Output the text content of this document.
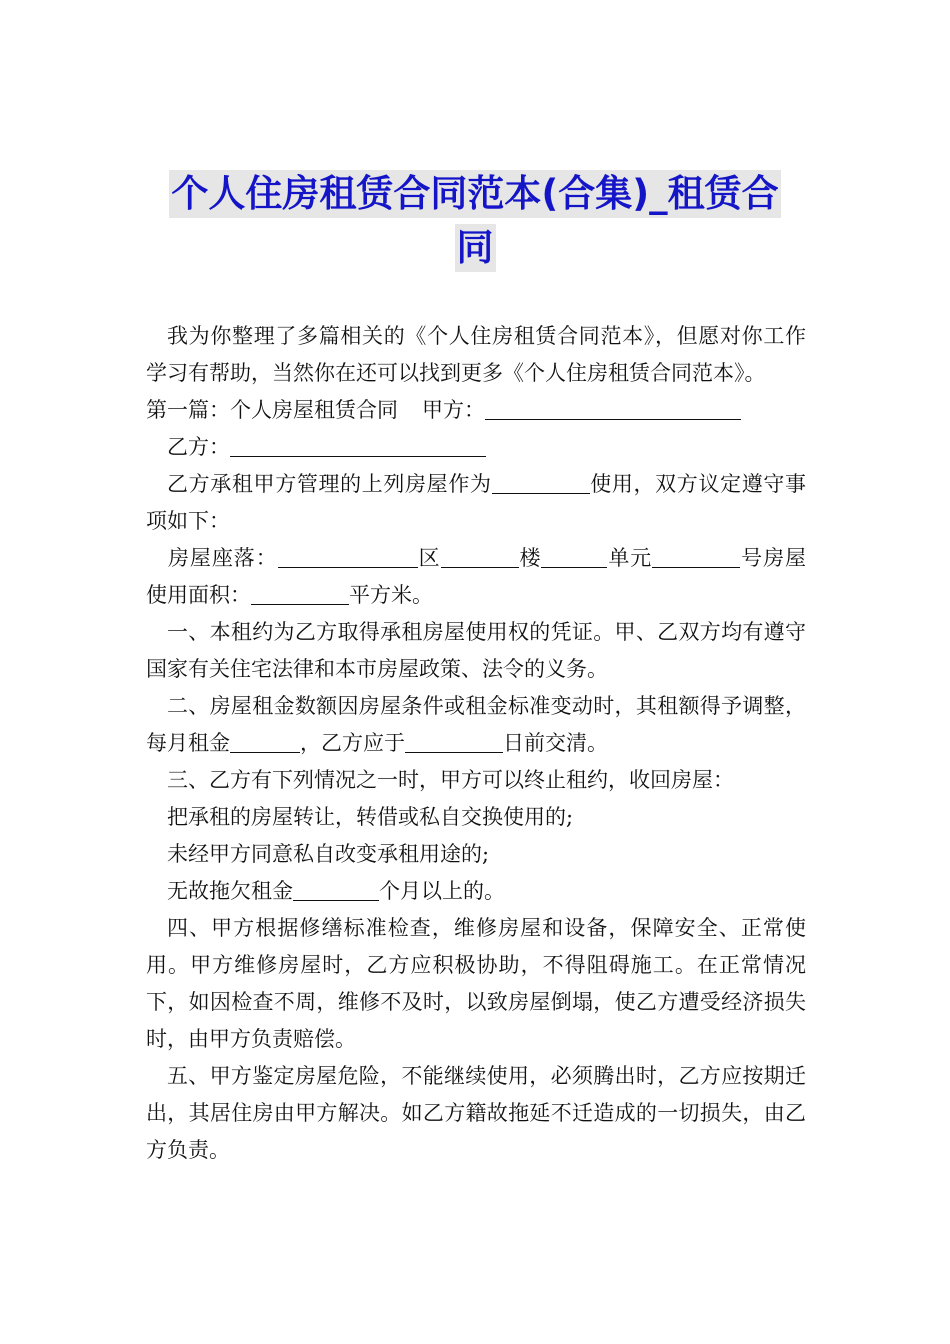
个人住房租赁合同范本(合集)_租赁合
同

我为你整理了多篇相关的《个人住房租赁合同范本》，但愿对你工作学习有帮助，当然你在还可以找到更多《个人住房租赁合同范本》。

第一篇：个人房屋租赁合同 甲方：

乙方：

乙方承租甲方管理的上列房屋作为	使用，双方议定遵守事项如下：

房屋座落：	区	楼	单元	号房屋使用面积：	平方米。

一、本租约为乙方取得承租房屋使用权的凭证。甲、乙双方均有遵守国家有关住宅法律和本市房屋政策、法令的义务。

二、房屋租金数额因房屋条件或租金标准变动时，其租额得予调整，每月租金	，乙方应于	日前交清。

三、乙方有下列情况之一时，甲方可以终止租约，收回房屋：

把承租的房屋转让，转借或私自交换使用的;

未经甲方同意私自改变承租用途的;

无故拖欠租金	个月以上的。

四、甲方根据修缮标准检查，维修房屋和设备，保障安全、正常使用。甲方维修房屋时，乙方应积极协助，不得阻碍施工。在正常情况下，如因检查不周，维修不及时，以致房屋倒塌，使乙方遭受经济损失时，由甲方负责赔偿。

五、甲方鉴定房屋危险，不能继续使用，必须腾出时，乙方应按期迁出，其居住房由甲方解决。如乙方籍故拖延不迁造成的一切损失，由乙方负责。
